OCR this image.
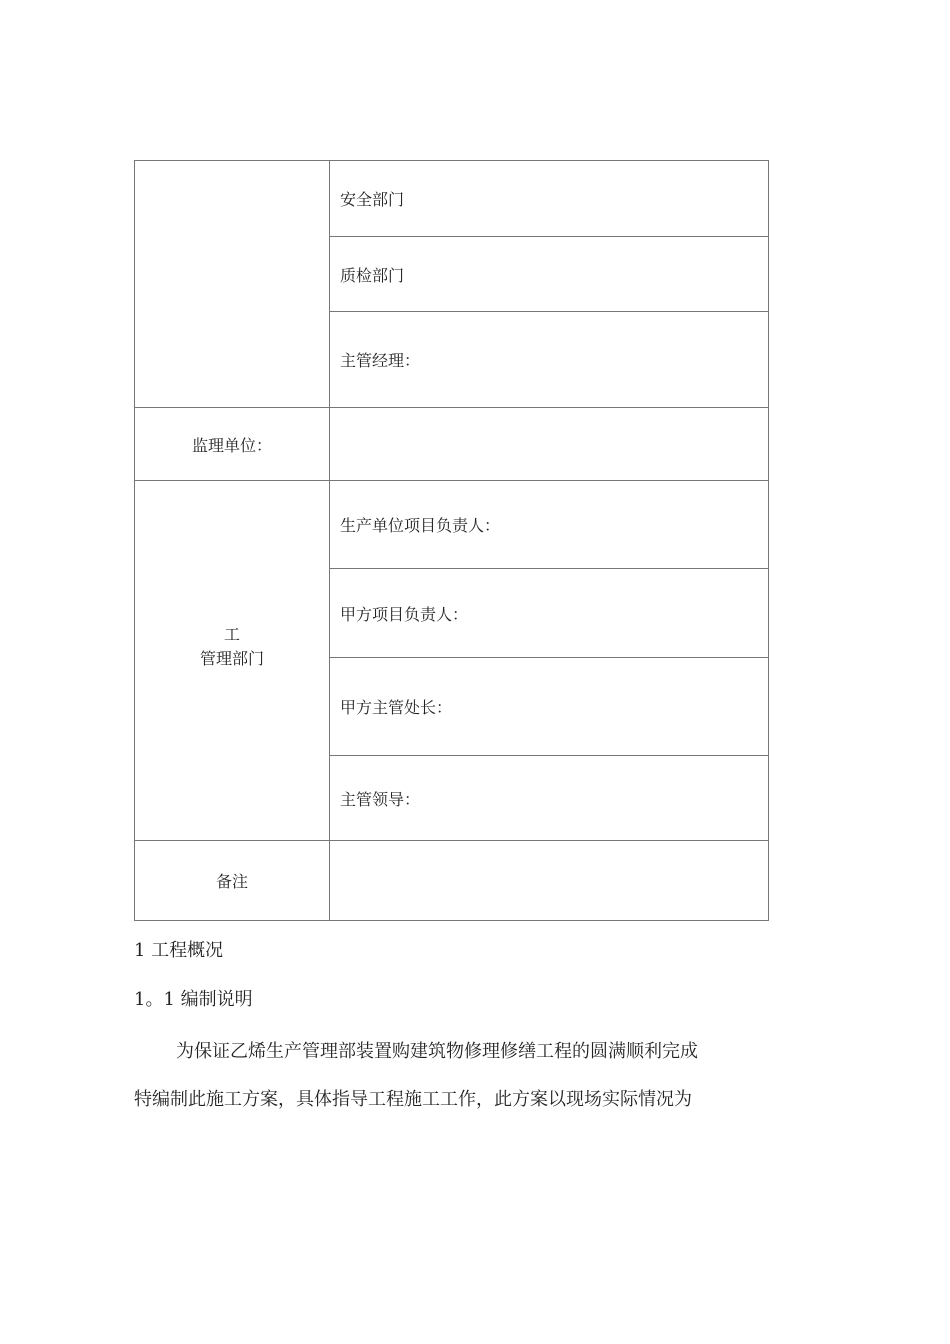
	安全部门
	质检部门
	主管经理：
监理单位：	

工
管理部门	生产单位项目负责人：
	甲方项目负责人：
	甲方主管处长：
	主管领导：
备注	
1 工程概况
1。1 编制说明
为保证乙烯生产管理部装置购建筑物修理修缮工程的圆满顺利完成
特编制此施工方案，具体指导工程施工工作，此方案以现场实际情况为
